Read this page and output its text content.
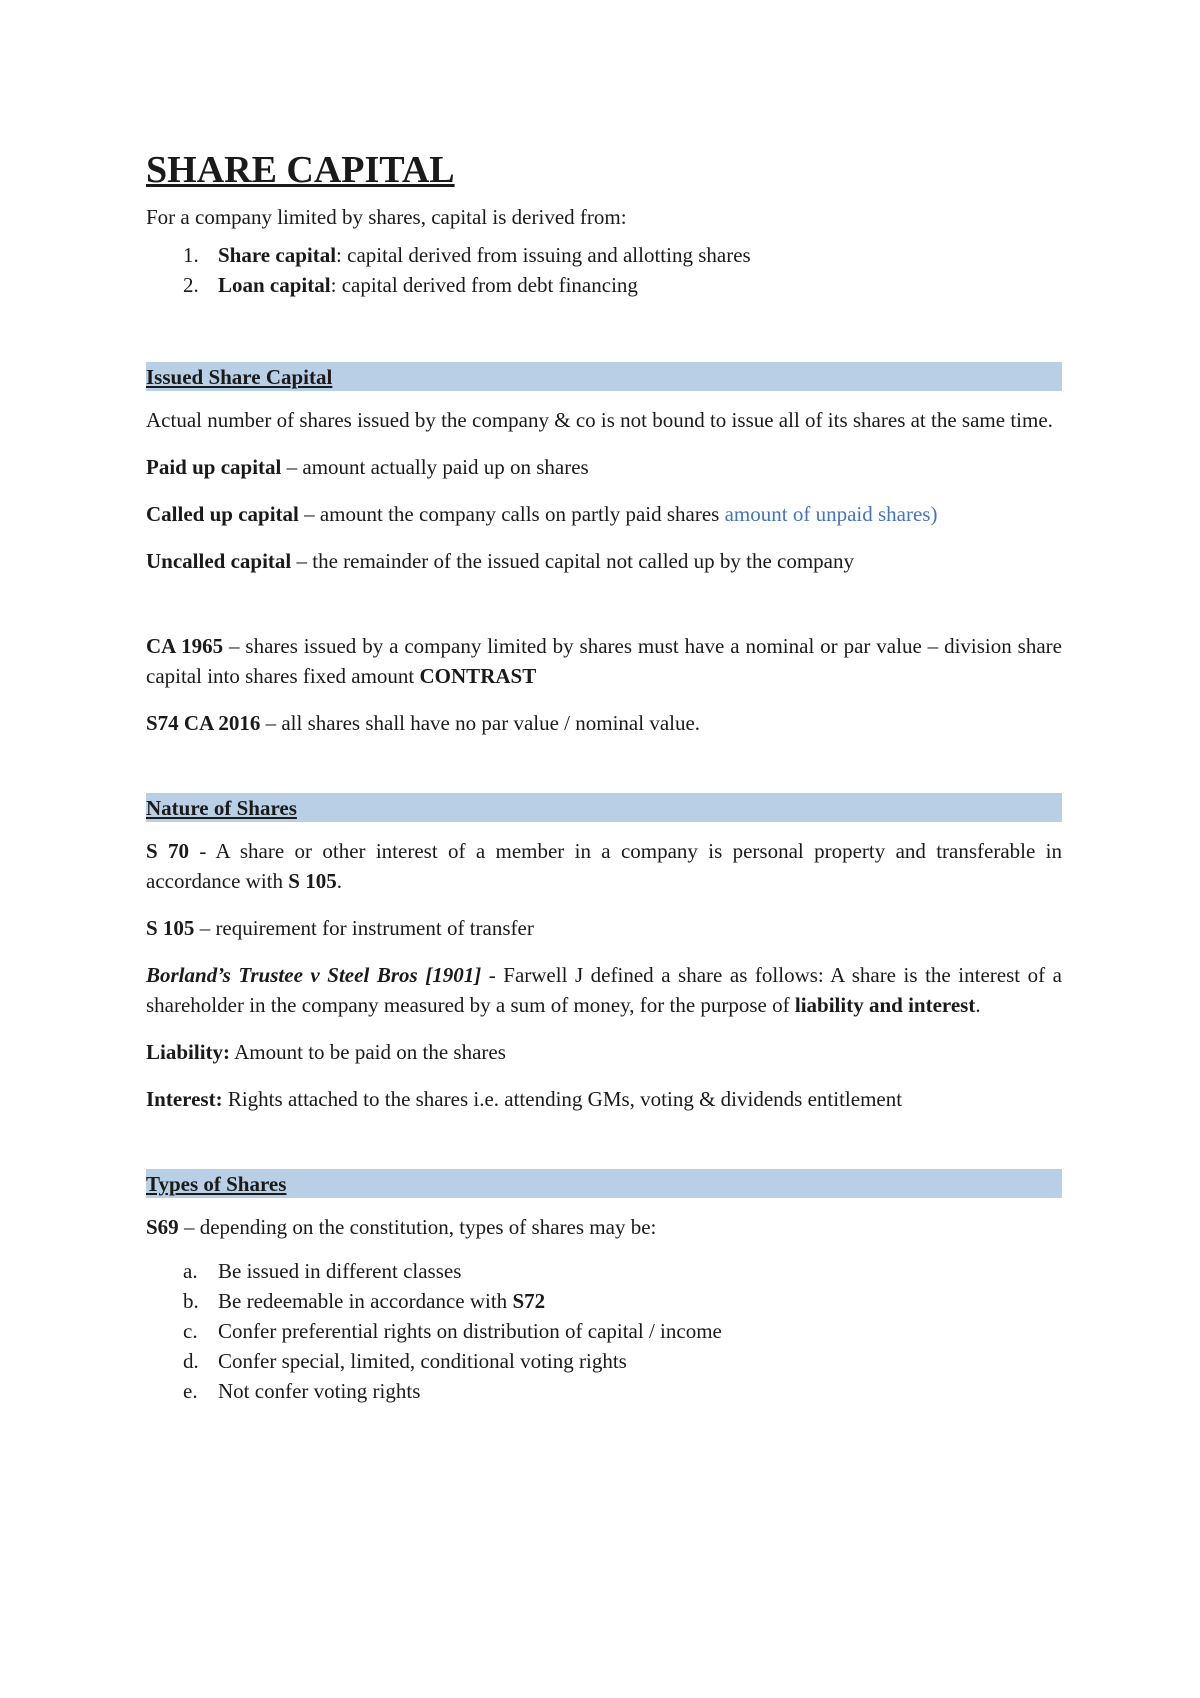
SHARE CAPITAL

For a company limited by shares, capital is derived from:

1. Share capital: capital derived from issuing and allotting shares
2. Loan capital: capital derived from debt financing
Issued Share Capital

Actual number of shares issued by the company & co is not bound to issue all of its shares at the same time.

Paid up capital – amount actually paid up on shares

Called up capital – amount the company calls on partly paid shares amount of unpaid shares)

Uncalled capital – the remainder of the issued capital not called up by the company

CA 1965 – shares issued by a company limited by shares must have a nominal or par value – division share capital into shares fixed amount CONTRAST

S74 CA 2016 – all shares shall have no par value / nominal value.

Nature of Shares

S 70 - A share or other interest of a member in a company is personal property and transferable in accordance with S 105.

S 105 – requirement for instrument of transfer

Borland’s Trustee v Steel Bros [1901] - Farwell J defined a share as follows: A share is the interest of a shareholder in the company measured by a sum of money, for the purpose of liability and interest.

Liability: Amount to be paid on the shares

Interest: Rights attached to the shares i.e. attending GMs, voting & dividends entitlement

Types of Shares

S69 – depending on the constitution, types of shares may be:

a. Be issued in different classes
b. Be redeemable in accordance with S72
c. Confer preferential rights on distribution of capital / income
d. Confer special, limited, conditional voting rights
e. Not confer voting rights
